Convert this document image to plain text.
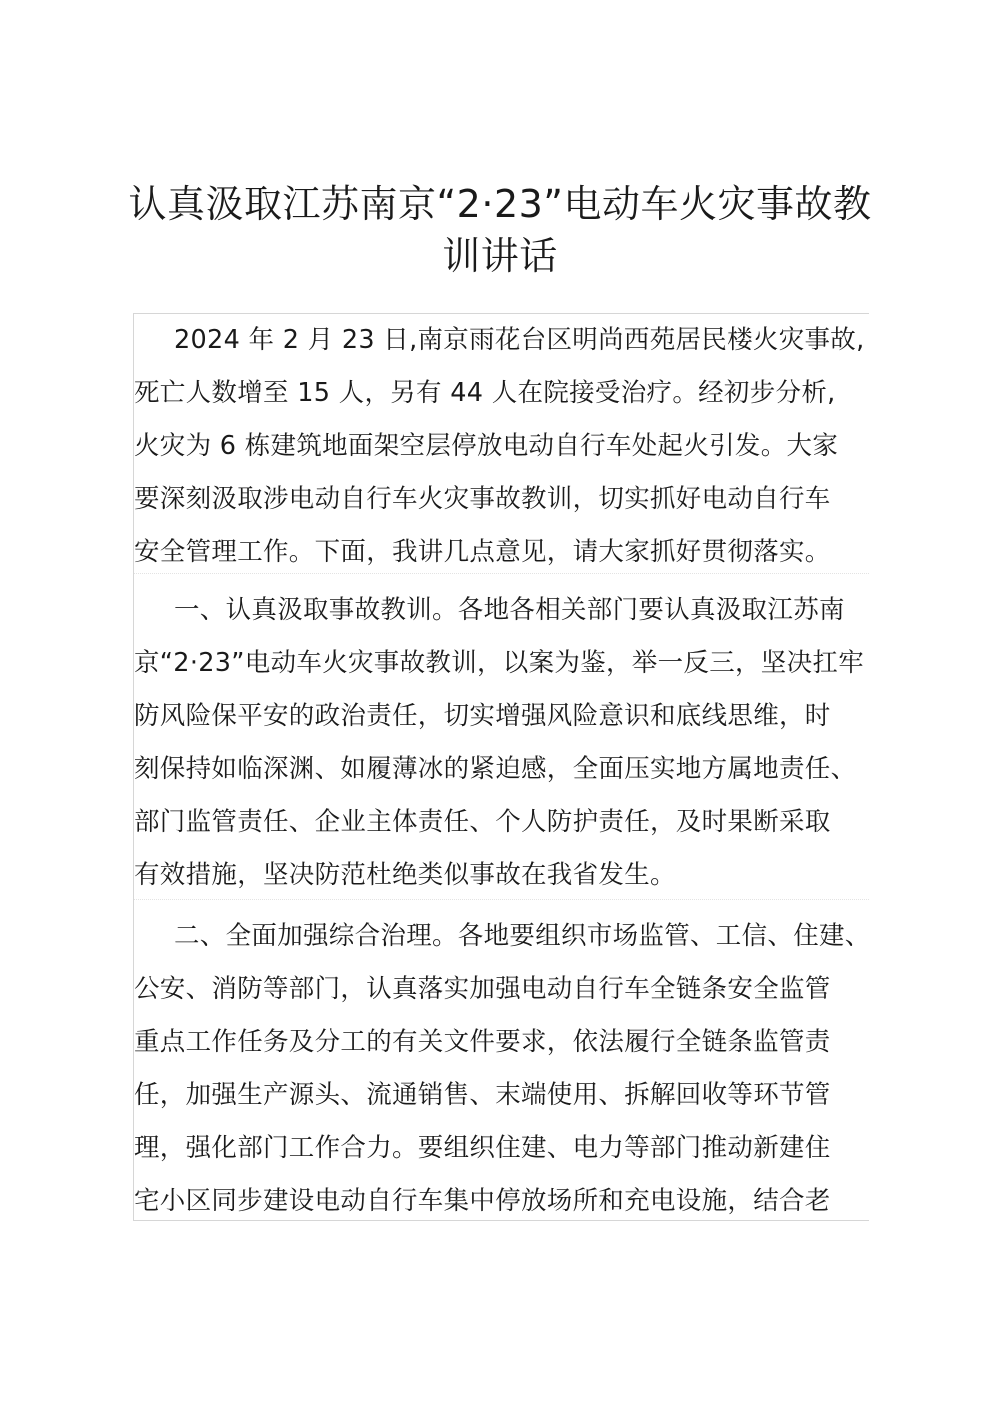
认真汲取江苏南京“2·23”电动车火灾事故教
训讲话
2024 年 2 月 23 日,南京雨花台区明尚西苑居民楼火灾事故,
死亡人数增至 15 人，另有 44 人在院接受治疗。经初步分析,
火灾为 6 栋建筑地面架空层停放电动自行车处起火引发。大家
要深刻汲取涉电动自行车火灾事故教训，切实抓好电动自行车
安全管理工作。下面，我讲几点意见，请大家抓好贯彻落实。
一、认真汲取事故教训。各地各相关部门要认真汲取江苏南
京“2·23”电动车火灾事故教训，以案为鉴，举一反三，坚决扛牢
防风险保平安的政治责任，切实增强风险意识和底线思维，时
刻保持如临深渊、如履薄冰的紧迫感，全面压实地方属地责任、
部门监管责任、企业主体责任、个人防护责任，及时果断采取
有效措施，坚决防范杜绝类似事故在我省发生。
二、全面加强综合治理。各地要组织市场监管、工信、住建、
公安、消防等部门，认真落实加强电动自行车全链条安全监管
重点工作任务及分工的有关文件要求，依法履行全链条监管责
任，加强生产源头、流通销售、末端使用、拆解回收等环节管
理，强化部门工作合力。要组织住建、电力等部门推动新建住
宅小区同步建设电动自行车集中停放场所和充电设施，结合老
